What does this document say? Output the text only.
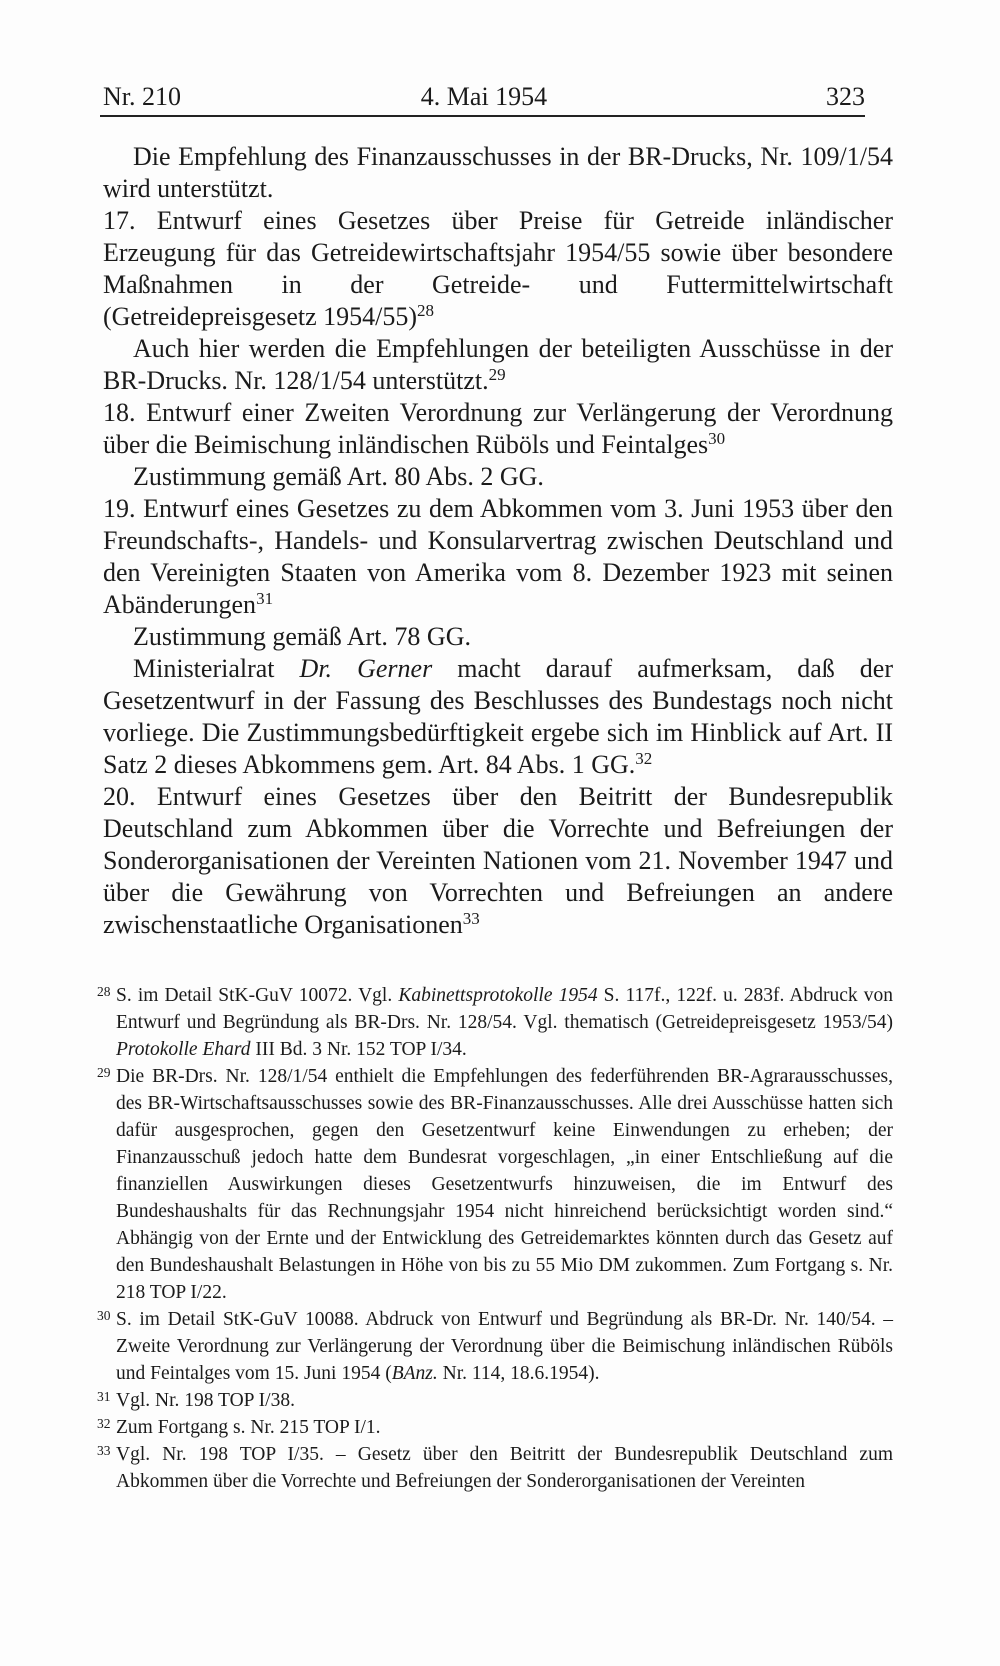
Nr. 210	4. Mai 1954	323

Die Empfehlung des Finanzausschusses in der BR-Drucks, Nr. 109/1/54 wird unterstützt.

17. Entwurf eines Gesetzes über Preise für Getreide inländischer Erzeugung für das Getreidewirtschaftsjahr 1954/55 sowie über besondere Maßnahmen in der Getreide- und Futtermittelwirtschaft (Getreidepreisgesetz 1954/55)$^{28}$

Auch hier werden die Empfehlungen der beteiligten Ausschüsse in der BR-Drucks. Nr. 128/1/54 unterstützt.$^{29}$

18. Entwurf einer Zweiten Verordnung zur Verlängerung der Verordnung über die Beimischung inländischen Rüböls und Feintalges$^{30}$

Zustimmung gemäß Art. 80 Abs. 2 GG.

19. Entwurf eines Gesetzes zu dem Abkommen vom 3. Juni 1953 über den Freundschafts-, Handels- und Konsularvertrag zwischen Deutschland und den Vereinigten Staaten von Amerika vom 8. Dezember 1923 mit seinen Abänderungen$^{31}$

Zustimmung gemäß Art. 78 GG.

Ministerialrat Dr. Gerner macht darauf aufmerksam, daß der Gesetzentwurf in der Fassung des Beschlusses des Bundestags noch nicht vorliege. Die Zustimmungsbedürftigkeit ergebe sich im Hinblick auf Art. II Satz 2 dieses Abkommens gem. Art. 84 Abs. 1 GG.$^{32}$

20. Entwurf eines Gesetzes über den Beitritt der Bundesrepublik Deutschland zum Abkommen über die Vorrechte und Befreiungen der Sonderorganisationen der Vereinten Nationen vom 21. November 1947 und über die Gewährung von Vorrechten und Befreiungen an andere zwischenstaatliche Organisationen$^{33}$

28 S. im Detail StK-GuV 10072. Vgl. Kabinettsprotokolle 1954 S. 117f., 122f. u. 283f. Abdruck von Entwurf und Begründung als BR-Drs. Nr. 128/54. Vgl. thematisch (Getreidepreisgesetz 1953/54) Protokolle Ehard III Bd. 3 Nr. 152 TOP I/34.
29 Die BR-Drs. Nr. 128/1/54 enthielt die Empfehlungen des federführenden BR-Agrarausschusses, des BR-Wirtschaftsausschusses sowie des BR-Finanzausschusses. Alle drei Ausschüsse hatten sich dafür ausgesprochen, gegen den Gesetzentwurf keine Einwendungen zu erheben; der Finanzausschuß jedoch hatte dem Bundesrat vorgeschlagen, „in einer Entschließung auf die finanziellen Auswirkungen dieses Gesetzentwurfs hinzuweisen, die im Entwurf des Bundeshaushalts für das Rechnungsjahr 1954 nicht hinreichend berücksichtigt worden sind.“ Abhängig von der Ernte und der Entwicklung des Getreidemarktes könnten durch das Gesetz auf den Bundeshaushalt Belastungen in Höhe von bis zu 55 Mio DM zukommen. Zum Fortgang s. Nr. 218 TOP I/22.
30 S. im Detail StK-GuV 10088. Abdruck von Entwurf und Begründung als BR-Dr. Nr. 140/54. – Zweite Verordnung zur Verlängerung der Verordnung über die Beimischung inländischen Rüböls und Feintalges vom 15. Juni 1954 (BAnz. Nr. 114, 18.6.1954).
31 Vgl. Nr. 198 TOP I/38.
32 Zum Fortgang s. Nr. 215 TOP I/1.
33 Vgl. Nr. 198 TOP I/35. – Gesetz über den Beitritt der Bundesrepublik Deutschland zum Abkommen über die Vorrechte und Befreiungen der Sonderorganisationen der Vereinten
